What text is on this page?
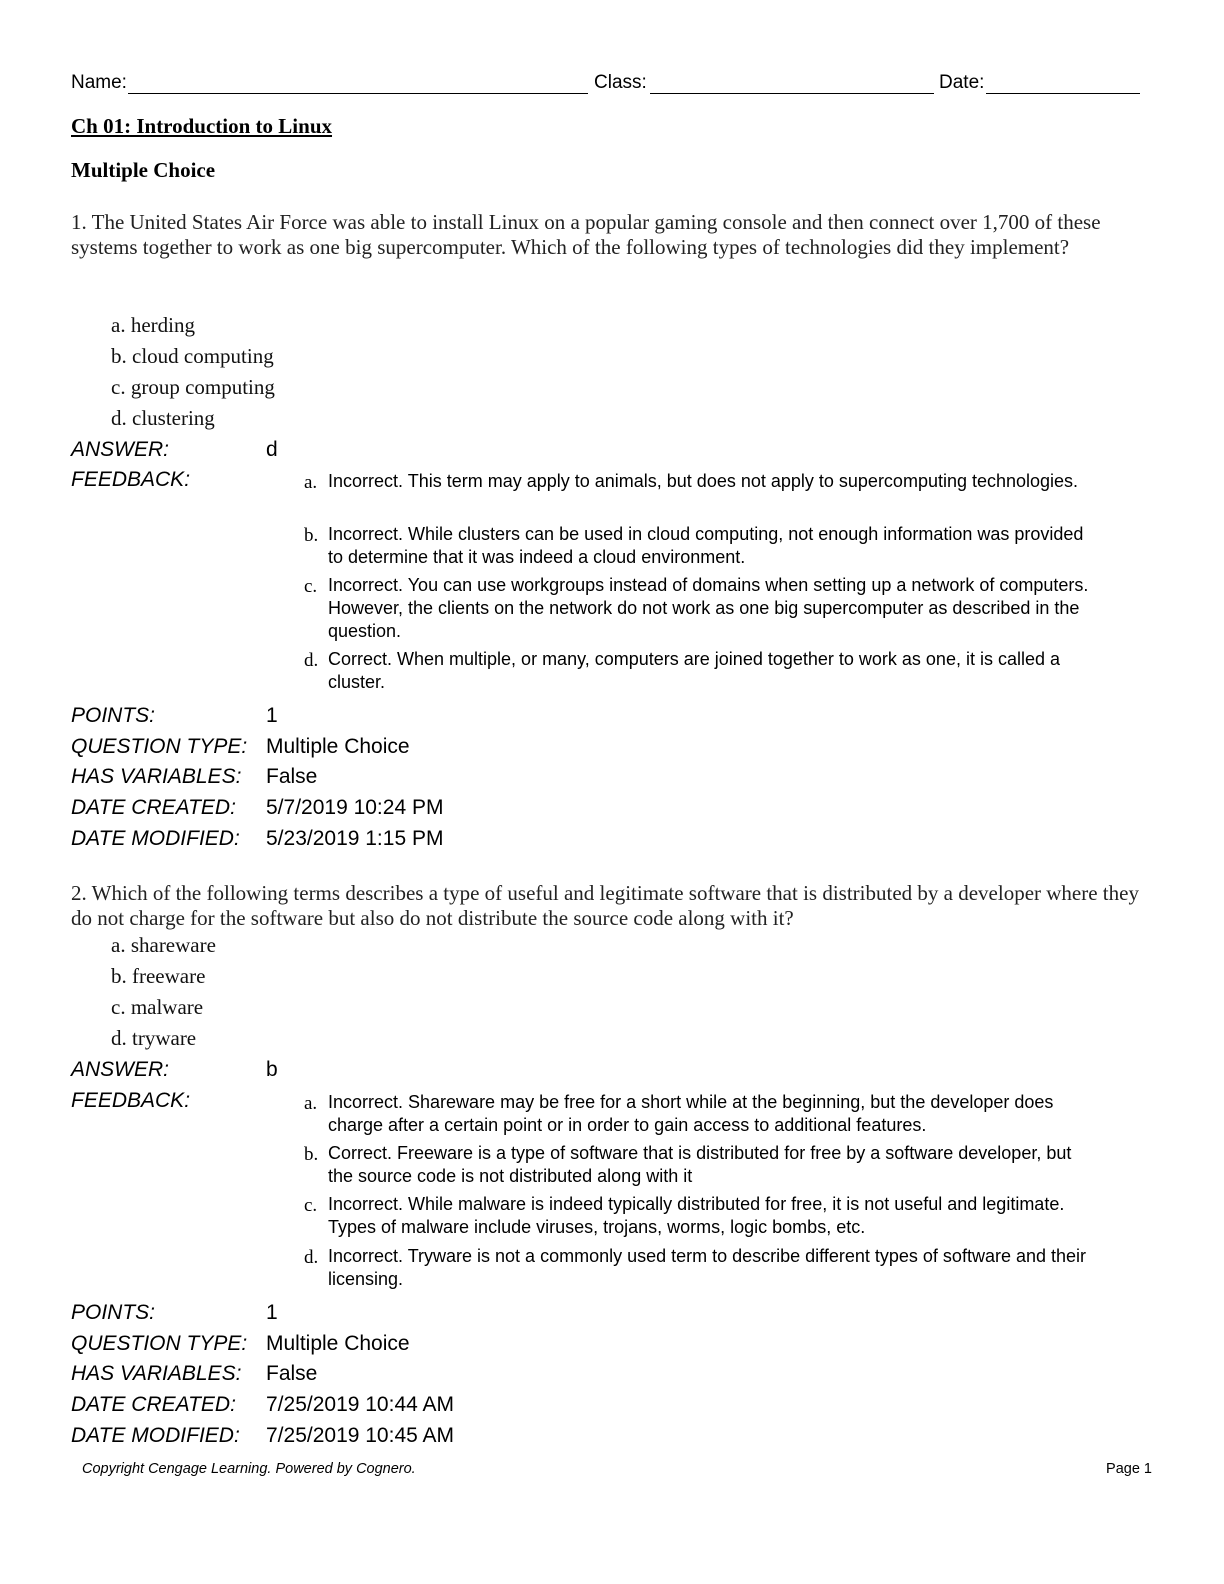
Name:	Class:	Date:
Ch 01: Introduction to Linux
Multiple Choice
1. The United States Air Force was able to install Linux on a popular gaming console and then connect over 1,700 of these systems together to work as one big supercomputer. Which of the following types of technologies did they implement?
a. herding
b. cloud computing
c. group computing
d. clustering
ANSWER:	d
FEEDBACK:	a. Incorrect. This term may apply to animals, but does not apply to supercomputing technologies.
b. Incorrect. While clusters can be used in cloud computing, not enough information was provided to determine that it was indeed a cloud environment.
c. Incorrect. You can use workgroups instead of domains when setting up a network of computers. However, the clients on the network do not work as one big supercomputer as described in the question.
d. Correct. When multiple, or many, computers are joined together to work as one, it is called a cluster.
POINTS:	1
QUESTION TYPE: Multiple Choice
HAS VARIABLES: False
DATE CREATED: 5/7/2019 10:24 PM
DATE MODIFIED: 5/23/2019 1:15 PM
2. Which of the following terms describes a type of useful and legitimate software that is distributed by a developer where they do not charge for the software but also do not distribute the source code along with it?
a. shareware
b. freeware
c. malware
d. tryware
ANSWER:	b
FEEDBACK:	a. Incorrect. Shareware may be free for a short while at the beginning, but the developer does charge after a certain point or in order to gain access to additional features.
b. Correct. Freeware is a type of software that is distributed for free by a software developer, but the source code is not distributed along with it
c. Incorrect. While malware is indeed typically distributed for free, it is not useful and legitimate. Types of malware include viruses, trojans, worms, logic bombs, etc.
d. Incorrect. Tryware is not a commonly used term to describe different types of software and their licensing.
POINTS:	1
QUESTION TYPE: Multiple Choice
HAS VARIABLES: False
DATE CREATED: 7/25/2019 10:44 AM
DATE MODIFIED: 7/25/2019 10:45 AM
Copyright Cengage Learning. Powered by Cognero.	Page 1
